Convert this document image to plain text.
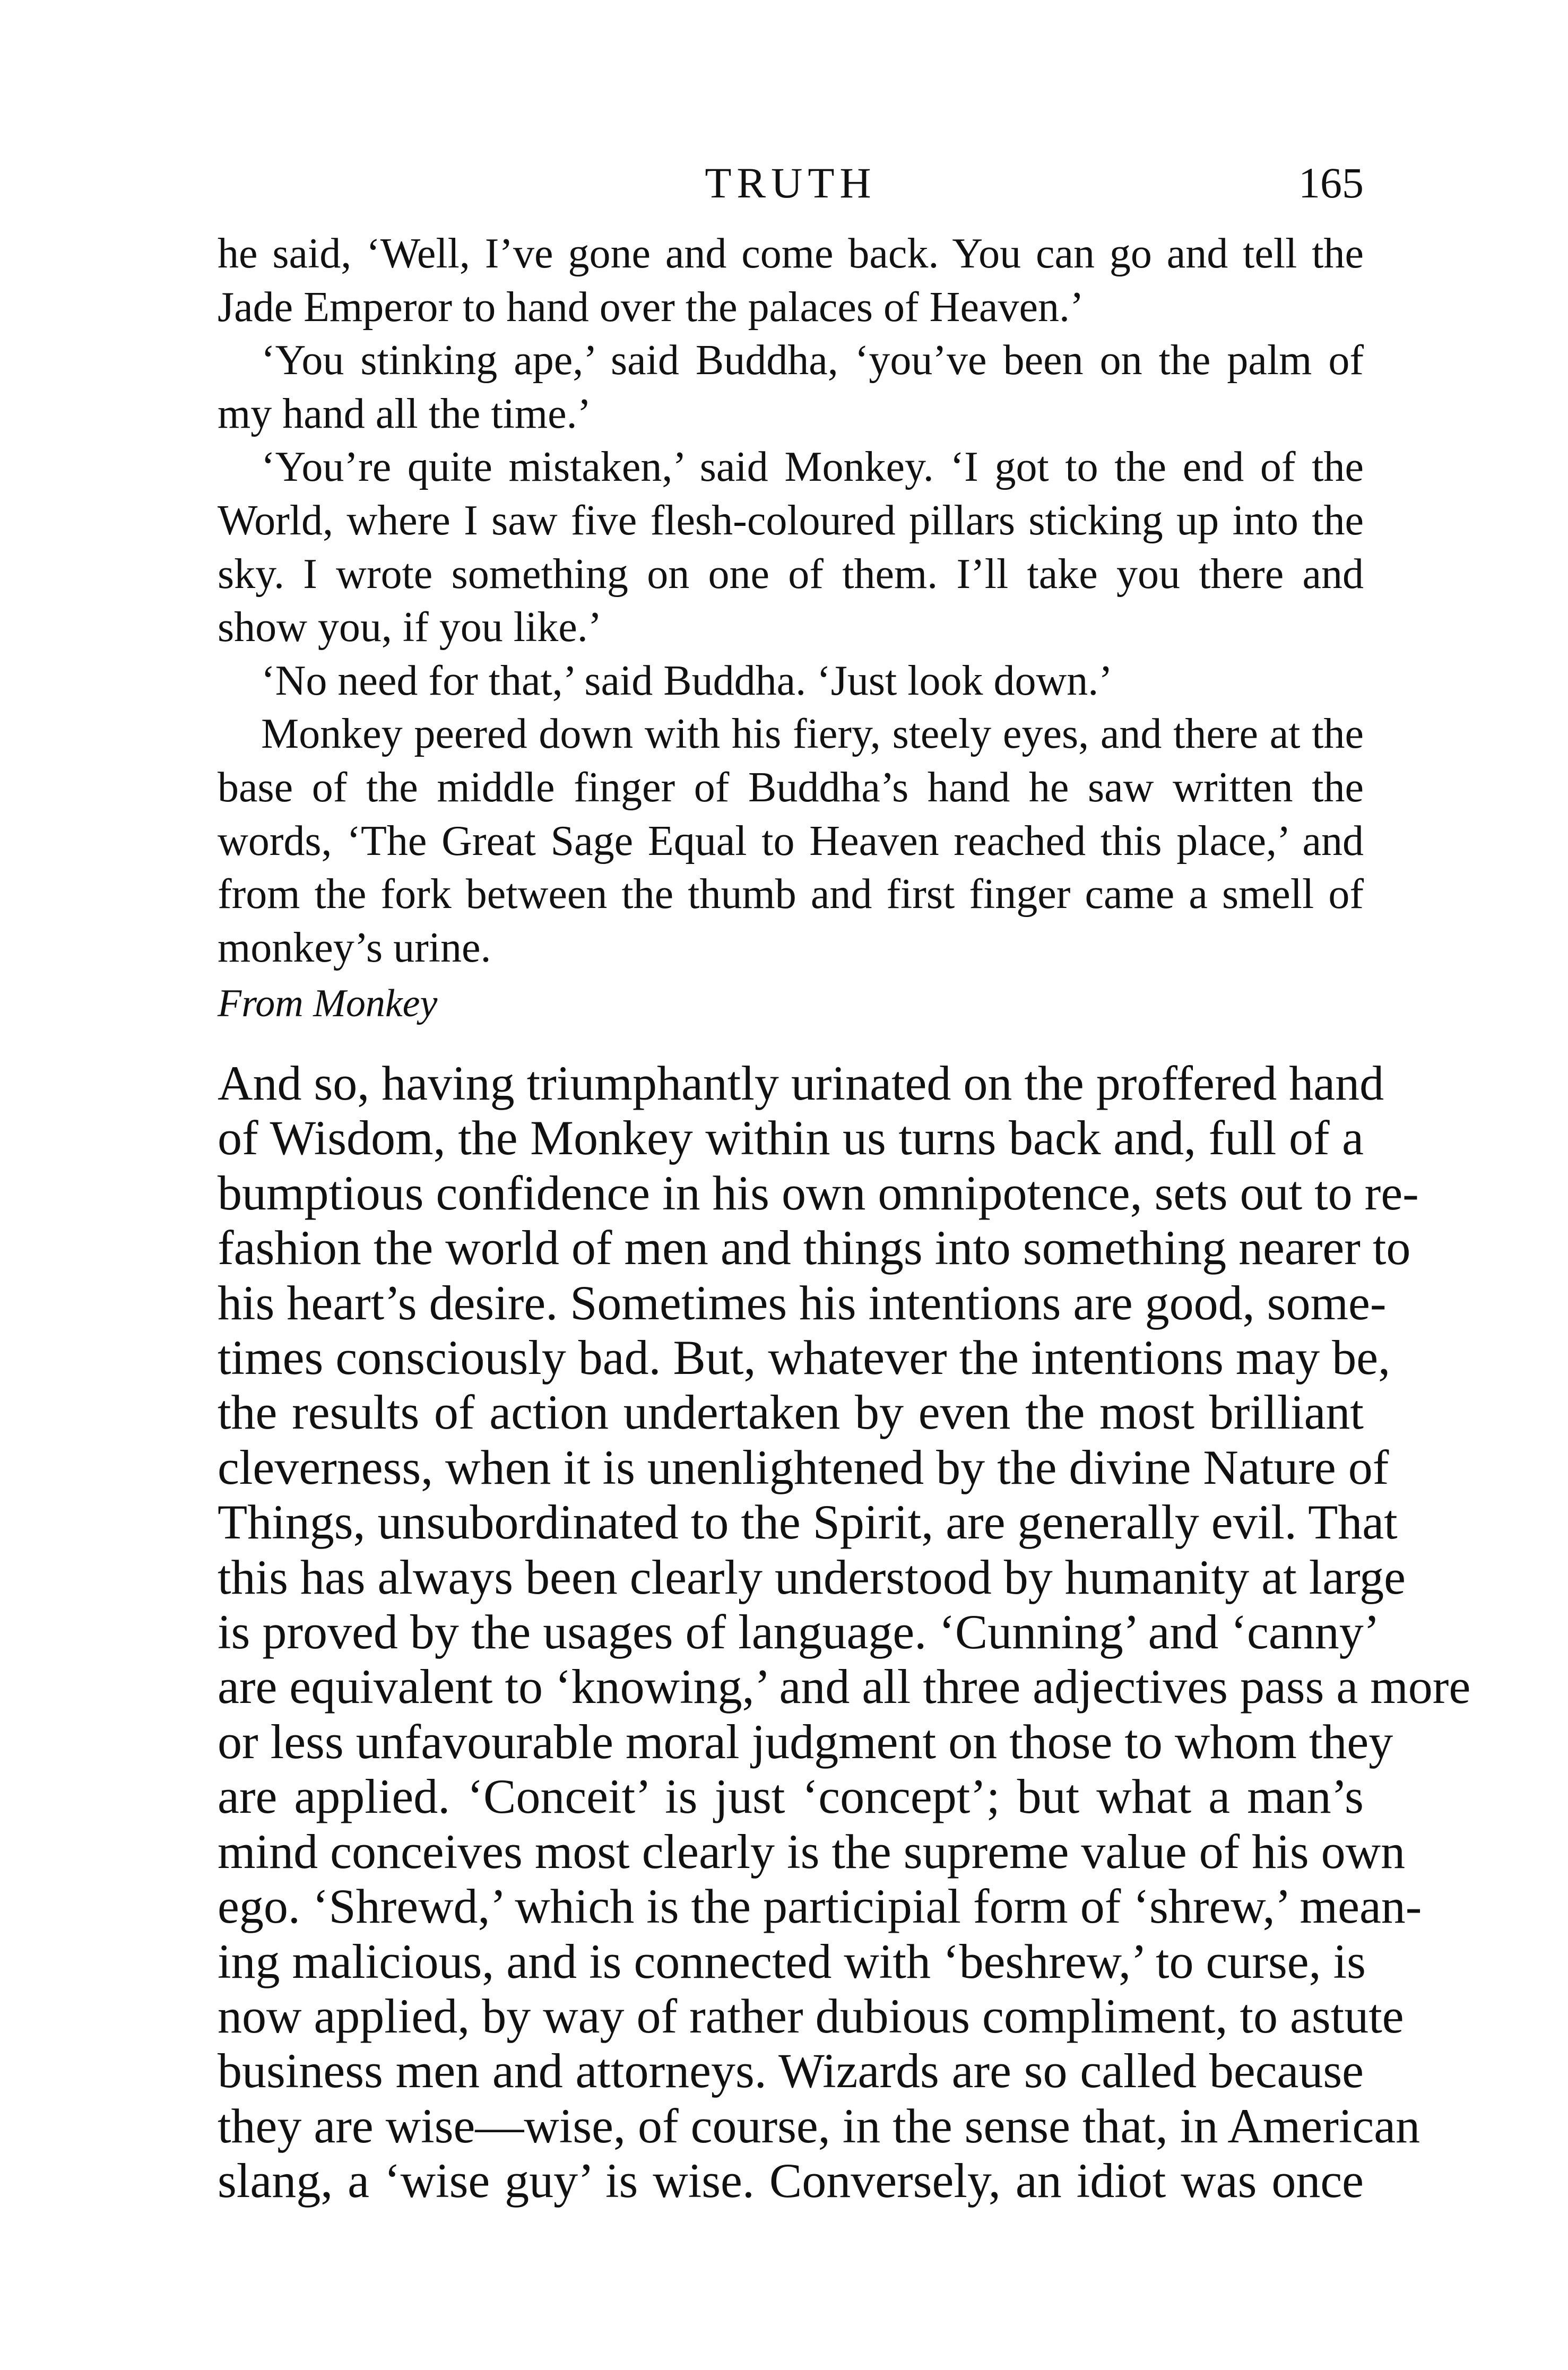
TRUTH	165

he said, ‘Well, I’ve gone and come back. You can go and tell the Jade Emperor to hand over the palaces of Heaven.’

‘You stinking ape,’ said Buddha, ‘you’ve been on the palm of my hand all the time.’

‘You’re quite mistaken,’ said Monkey. ‘I got to the end of the World, where I saw five flesh-coloured pillars sticking up into the sky. I wrote something on one of them. I’ll take you there and show you, if you like.’

‘No need for that,’ said Buddha. ‘Just look down.’

Monkey peered down with his fiery, steely eyes, and there at the base of the middle finger of Buddha’s hand he saw written the words, ‘The Great Sage Equal to Heaven reached this place,’ and from the fork between the thumb and first finger came a smell of monkey’s urine.

From Monkey

And so, having triumphantly urinated on the proffered hand
of Wisdom, the Monkey within us turns back and, full of a
bumptious confidence in his own omnipotence, sets out to re-
fashion the world of men and things into something nearer to
his heart’s desire. Sometimes his intentions are good, some-
times consciously bad. But, whatever the intentions may be,
the results of action undertaken by even the most brilliant
cleverness, when it is unenlightened by the divine Nature of
Things, unsubordinated to the Spirit, are generally evil. That
this has always been clearly understood by humanity at large
is proved by the usages of language. ‘Cunning’ and ‘canny’
are equivalent to ‘knowing,’ and all three adjectives pass a more
or less unfavourable moral judgment on those to whom they
are applied. ‘Conceit’ is just ‘concept’; but what a man’s
mind conceives most clearly is the supreme value of his own
ego. ‘Shrewd,’ which is the participial form of ‘shrew,’ mean-
ing malicious, and is connected with ‘beshrew,’ to curse, is
now applied, by way of rather dubious compliment, to astute
business men and attorneys. Wizards are so called because
they are wise—wise, of course, in the sense that, in American
slang, a ‘wise guy’ is wise. Conversely, an idiot was once
